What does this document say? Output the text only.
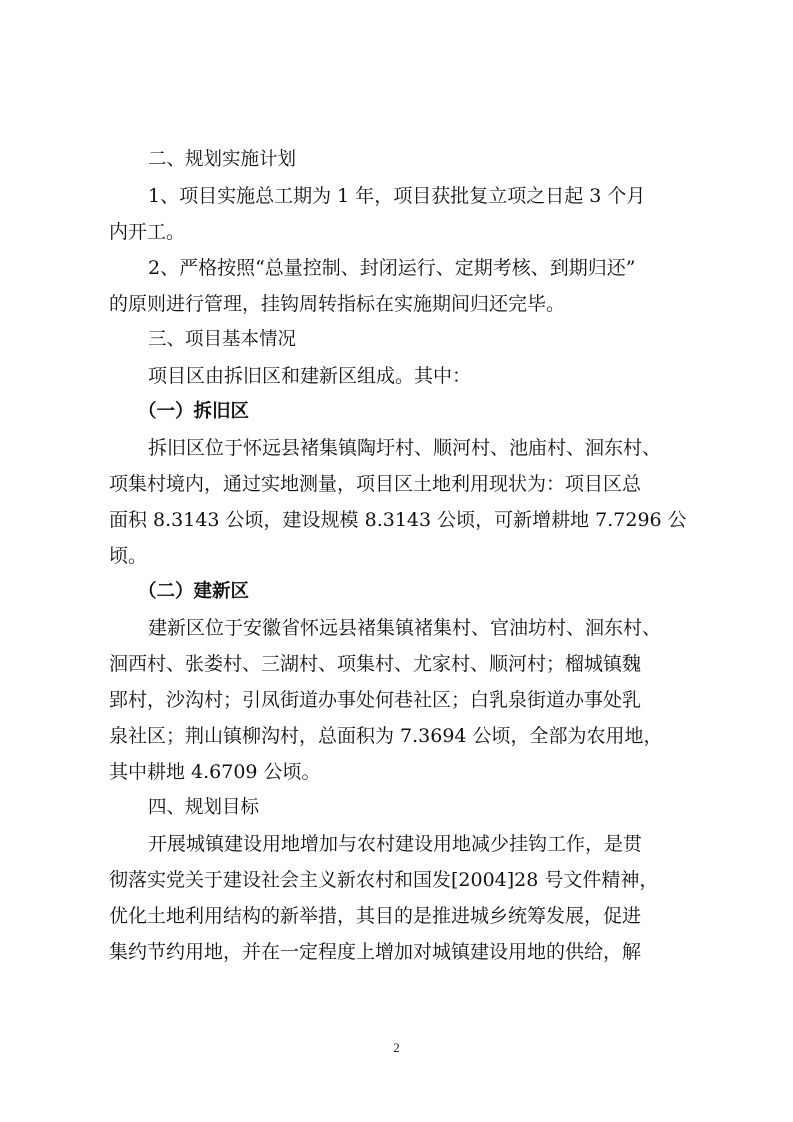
二、规划实施计划
1、项目实施总工期为 1 年，项目获批复立项之日起 3 个月
内开工。
2、严格按照“总量控制、封闭运行、定期考核、到期归还”
的原则进行管理，挂钩周转指标在实施期间归还完毕。
三、项目基本情况
项目区由拆旧区和建新区组成。其中：
（一）拆旧区
拆旧区位于怀远县褚集镇陶圩村、顺河村、池庙村、洄东村、
项集村境内，通过实地测量，项目区土地利用现状为：项目区总
面积 8.3143 公顷，建设规模 8.3143 公顷，可新增耕地 7.7296 公
顷。
（二）建新区
建新区位于安徽省怀远县褚集镇褚集村、官油坊村、洄东村、
洄西村、张娄村、三湖村、项集村、尤家村、顺河村；榴城镇魏
郢村，沙沟村；引凤街道办事处何巷社区；白乳泉街道办事处乳
泉社区；荆山镇柳沟村，总面积为 7.3694 公顷，全部为农用地，
其中耕地 4.6709 公顷。
四、规划目标
开展城镇建设用地增加与农村建设用地减少挂钩工作，是贯
彻落实党关于建设社会主义新农村和国发[2004]28 号文件精神，
优化土地利用结构的新举措，其目的是推进城乡统筹发展，促进
集约节约用地，并在一定程度上增加对城镇建设用地的供给，解
2
